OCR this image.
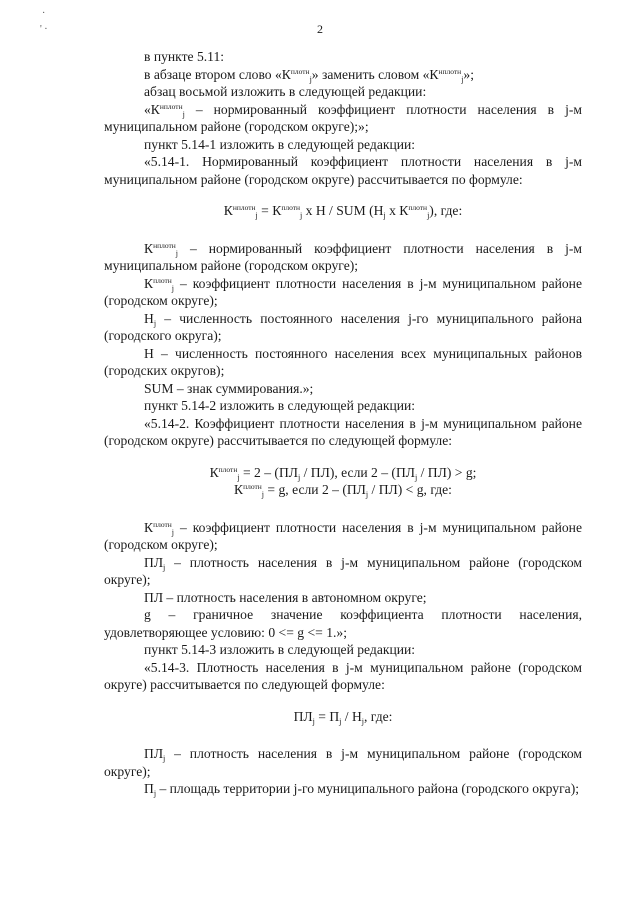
·
' ·	2

в пункте 5.11:

в абзаце втором слово «$К^{плотн}_j$» заменить словом «$К^{нплотн}_j$»;

абзац восьмой изложить в следующей редакции:

«$К^{нплотн}_j$ – нормированный коэффициент плотности населения в j-м муниципальном районе (городском округе);»;

пункт 5.14-1 изложить в следующей редакции:

«5.14-1. Нормированный коэффициент плотности населения в j-м муниципальном районе (городском округе) рассчитывается по формуле:

$К^{нплотн}_j = К^{плотн}_j$ х Н / SUM ($Н_j$ х $К^{плотн}_j$), где:

$К^{нплотн}_j$ – нормированный коэффициент плотности населения в j-м муниципальном районе (городском округе);

$К^{плотн}_j$ – коэффициент плотности населения в j-м муниципальном районе (городском округе);

$Н_j$ – численность постоянного населения j-го муниципального района (городского округа);

Н – численность постоянного населения всех муниципальных районов (городских округов);

SUM – знак суммирования.»;

пункт 5.14-2 изложить в следующей редакции:

«5.14-2. Коэффициент плотности населения в j-м муниципальном районе (городском округе) рассчитывается по следующей формуле:

$К^{плотн}_j = 2 - (ПЛ_j / ПЛ)$, если $2 - (ПЛ_j / ПЛ) > g$;

$К^{плотн}_j = g$, если $2 - (ПЛ_j / ПЛ) < g$, где:

$К^{плотн}_j$ – коэффициент плотности населения в j-м муниципальном районе (городском округе);

$ПЛ_j$ – плотность населения в j-м муниципальном районе (городском округе);

ПЛ – плотность населения в автономном округе;

g – граничное значение коэффициента плотности населения, удовлетворяющее условию: 0 <= g <= 1.»;

пункт 5.14-3 изложить в следующей редакции:

«5.14-3. Плотность населения в j-м муниципальном районе (городском округе) рассчитывается по следующей формуле:

$ПЛ_j = П_j / Н_j$, где:

$ПЛ_j$ – плотность населения в j-м муниципальном районе (городском округе);

$П_j$ – площадь территории j-го муниципального района (городского округа);
